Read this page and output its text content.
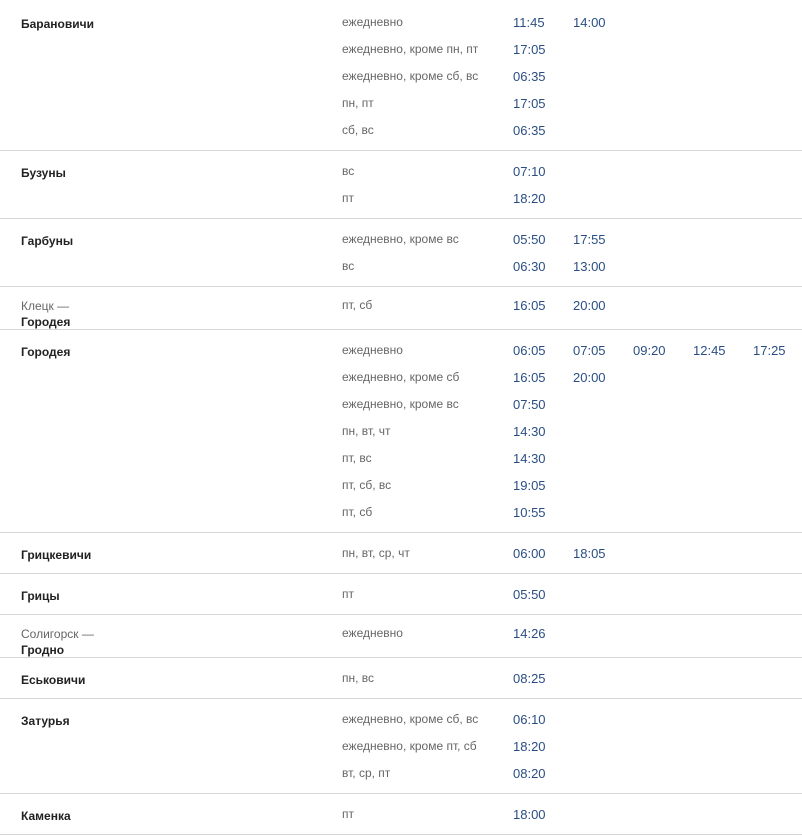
Барановичи	ежедневно	11:45 14:00
ежедневно, кроме пн, пт	17:05
ежедневно, кроме сб, вс	06:35
пн, пт	17:05
сб, вс	06:35
Бузуны	вс	07:10
пт	18:20
Гарбуны	ежедневно, кроме вс	05:50 17:55
вс	06:30 13:00
Клецк —
Городея
пт, сб	16:05 20:00
Городея	ежедневно	06:05 07:05 09:20 12:45 17:25
ежедневно, кроме сб	16:05 20:00
ежедневно, кроме вс	07:50
пн, вт, чт	14:30
пт, вс	14:30
пт, сб, вс	19:05
пт, сб	10:55
Грицкевичи	пн, вт, ср, чт	06:00 18:05
Грицы	пт	05:50
Солигорск —
Гродно
ежедневно	14:26
Еськовичи	пн, вс	08:25
Затурья	ежедневно, кроме сб, вс	06:10
ежедневно, кроме пт, сб	18:20
вт, ср, пт	08:20
Каменка	пт	18:00
